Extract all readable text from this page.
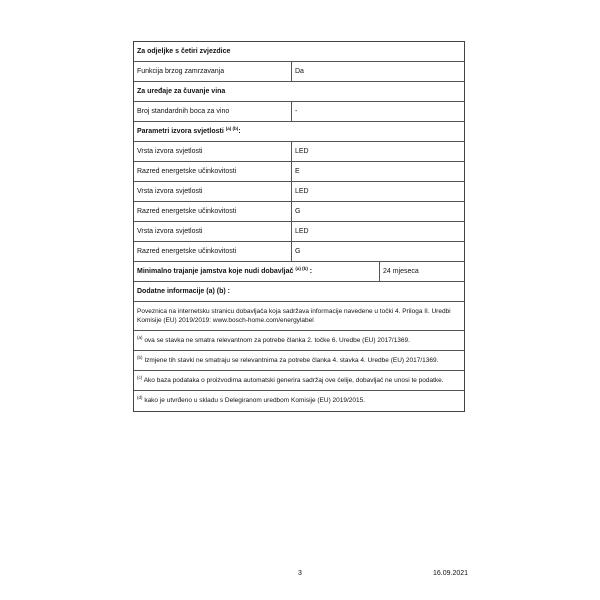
Za odjeljke s četiri zvjezdice
Funkcija brzog zamrzavanja	Da
Za uređaje za čuvanje vina
Broj standardnih boca za vino	-
Parametri izvora svjetlosti $^{(a) (b)}$:
Vrsta izvora svjetlosti	LED
Razred energetske učinkovitosti	E
Vrsta izvora svjetlosti	LED
Razred energetske učinkovitosti	G
Vrsta izvora svjetlosti	LED
Razred energetske učinkovitosti	G
Minimalno trajanje jamstva koje nudi dobavljač $^{(a) (b)}$ :	24 mjeseca
Dodatne informacije (a) (b) :
Poveznica na internetsku stranicu dobavljača koja sadržava informacije navedene u točki 4. Priloga II. Uredbi Komisije (EU) 2019/2019: www.bosch-home.com/energylabel
$^{(a)}$ ova se stavka ne smatra relevantnom za potrebe članka 2. točke 6. Uredbe (EU) 2017/1369.
$^{(b)}$ Izmjene tih stavki ne smatraju se relevantnima za potrebe članka 4. stavka 4. Uredbe (EU) 2017/1369.
$^{(c)}$ Ako baza podataka o proizvodima automatski generira sadržaj ove ćelije, dobavljač ne unosi te podatke.
$^{(d)}$ kako je utvrđeno u skladu s Delegiranom uredbom Komisije (EU) 2019/2015.
3	16.09.2021
